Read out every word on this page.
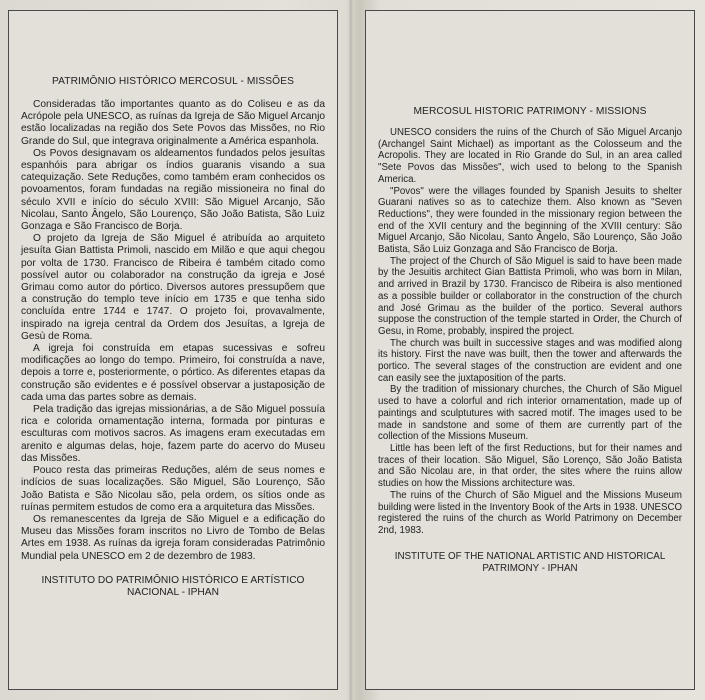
PATRIMÔNIO HISTÓRICO MERCOSUL - MISSÕES

Consideradas tão importantes quanto as do Coliseu e as da Acrópole pela UNESCO, as ruínas da Igreja de São Miguel Arcanjo estão localizadas na região dos Sete Povos das Missões, no Rio Grande do Sul, que integrava originalmente a América espanhola.

Os Povos designavam os aldeamentos fundados pelos jesuítas espanhóis para abrigar os índios guaranis visando a sua catequização. Sete Reduções, como também eram conhecidos os povoamentos, foram fundadas na região missioneira no final do século XVII e início do século XVIII: São Miguel Arcanjo, São Nicolau, Santo Ângelo, São Lourenço, São João Batista, São Luiz Gonzaga e São Francisco de Borja.

O projeto da Igreja de São Miguel é atribuída ao arquiteto jesuíta Gian Battista Primoli, nascido em Milão e que aqui chegou por volta de 1730. Francisco de Ribeira é também citado como possível autor ou colaborador na construção da igreja e José Grimau como autor do pórtico. Diversos autores pressupõem que a construção do templo teve início em 1735 e que tenha sido concluída entre 1744 e 1747. O projeto foi, provavalmente, inspirado na igreja central da Ordem dos Jesuítas, a Igreja de Gesù de Roma.

A igreja foi construída em etapas sucessivas e sofreu modificações ao longo do tempo. Primeiro, foi construída a nave, depois a torre e, posteriormente, o pórtico. As diferentes etapas da construção são evidentes e é possível observar a justaposição de cada uma das partes sobre as demais.

Pela tradição das igrejas missionárias, a de São Miguel possuía rica e colorida ornamentação interna, formada por pinturas e esculturas com motivos sacros. As imagens eram executadas em arenito e algumas delas, hoje, fazem parte do acervo do Museu das Missões.

Pouco resta das primeiras Reduções, além de seus nomes e indícios de suas localizações. São Miguel, São Lourenço, São João Batista e São Nicolau são, pela ordem, os sítios onde as ruínas permitem estudos de como era a arquitetura das Missões.

Os remanescentes da Igreja de São Miguel e a edificação do Museu das Missões foram inscritos no Livro de Tombo de Belas Artes em 1938. As ruínas da igreja foram consideradas Patrimônio Mundial pela UNESCO em 2 de dezembro de 1983.

INSTITUTO DO PATRIMÔNIO HISTÓRICO E ARTÍSTICO NACIONAL - IPHAN

MERCOSUL HISTORIC PATRIMONY - MISSIONS

UNESCO considers the ruins of the Church of São Miguel Arcanjo (Archangel Saint Michael) as important as the Colosseum and the Acropolis. They are located in Rio Grande do Sul, in an area called "Sete Povos das Missões", wich used to belong to the Spanish America.

"Povos" were the villages founded by Spanish Jesuits to shelter Guarani natives so as to catechize them. Also known as "Seven Reductions", they were founded in the missionary region between the end of the XVII century and the beginning of the XVIII century: São Miguel Arcanjo, São Nicolau, Santo Ângelo, São Lourenço, São João Batista, São Luiz Gonzaga and São Francisco de Borja.

The project of the Church of São Miguel is said to have been made by the Jesuitis architect Gian Battista Primoli, who was born in Milan, and arrived in Brazil by 1730. Francisco de Ribeira is also mentioned as a possible builder or collaborator in the construction of the church and José Grimau as the builder of the portico. Several authors suppose the construction of the temple started in Order, the Church of Gesu, in Rome, probably, inspired the project.

The church was built in successive stages and was modified along its history. First the nave was built, then the tower and afterwards the portico. The several stages of the construction are evident and one can easily see the juxtaposition of the parts.

By the tradition of missionary churches, the Church of São Miguel used to have a colorful and rich interior ornamentation, made up of paintings and sculptutures with sacred motif. The images used to be made in sandstone and some of them are currently part of the collection of the Missions Museum.

Little has been left of the first Reductions, but for their names and traces of their location. São Miguel, São Lorenço, São João Batista and São Nicolau are, in that order, the sites where the ruins allow studies on how the Missions architecture was.

The ruins of the Church of São Miguel and the Missions Museum building were listed in the Inventory Book of the Arts in 1938. UNESCO registered the ruins of the church as World Patrimony on December 2nd, 1983.

INSTITUTE OF THE NATIONAL ARTISTIC AND HISTORICAL PATRIMONY - IPHAN
